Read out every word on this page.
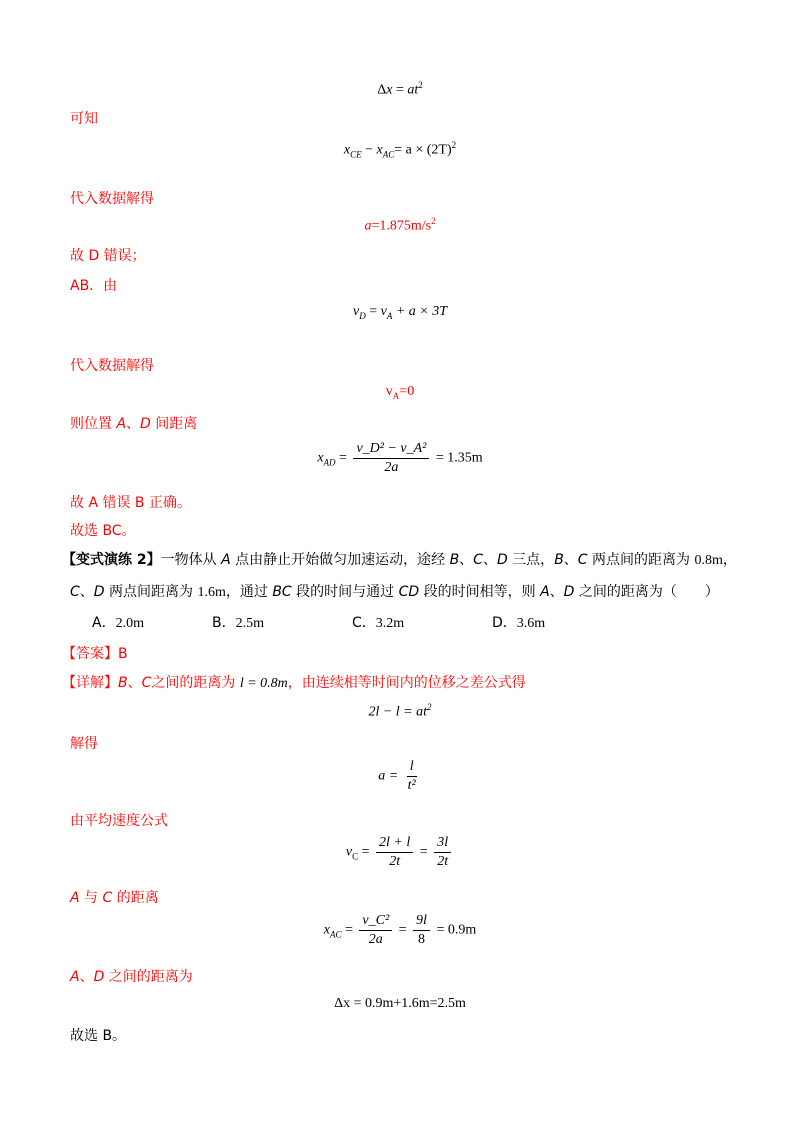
$\Delta x = at^2$
可知
$x_{CE} - x_{AC}= a \times (2T)^2$
代入数据解得
$a=1.875m/s^2$
故 D 错误；
AB．由
$v_D = v_A + a \times 3T$
代入数据解得
$v_A=0$
则位置 A、D 间距离
$x_{AD} = \frac{\text{v\_D² − v\_A²}}{2a} = 1.35m$
故 A 错误 B 正确。
故选 BC。
【变式演练 2】一物体从 A 点由静止开始做匀加速运动，途经 B、C、D 三点，B、C 两点间的距离为 0.8m，
C、D 两点间距离为 1.6m，通过 BC 段的时间与通过 CD 段的时间相等，则 A、D 之间的距离为（　　）
A．2.0m	B．2.5m	C．3.2m	D．3.6m
【答案】B
【详解】B、C之间的距离为 l = 0.8m，由连续相等时间内的位移之差公式得
$2l - l = at^2$
解得
$a = \frac{l}{\text{t²}}$
由平均速度公式
$v_C = \frac{2l + l}{2t} = \frac{3l}{2t}$
A 与 C 的距离
$x_{AC} = \frac{\text{v\_C²}}{2a} = \frac{9l}{8} = 0.9m$
A、D 之间的距离为
Δx = 0.9m+1.6m=2.5m
故选 B。
